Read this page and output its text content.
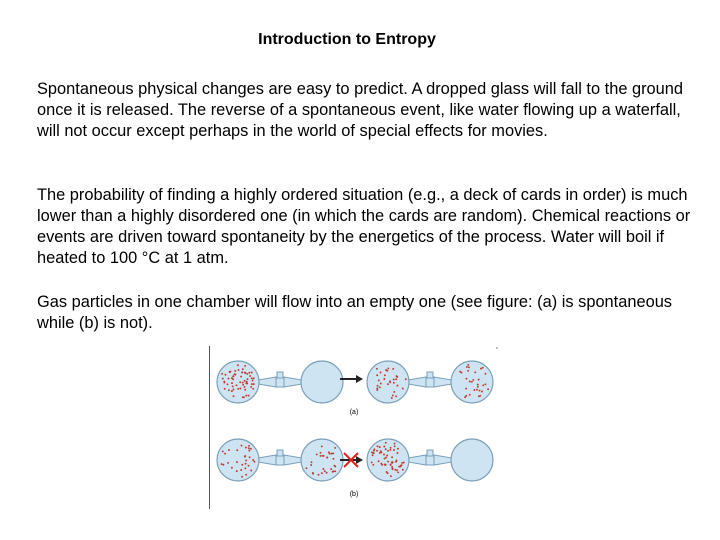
Introduction to Entropy

Spontaneous physical changes are easy to predict. A dropped glass will fall to the ground once it is released. The reverse of a spontaneous event, like water flowing up a waterfall, will not occur except perhaps in the world of special effects for movies.

The probability of finding a highly ordered situation (e.g., a deck of cards in order) is much lower than a highly disordered one (in which the cards are random). Chemical reactions or events are driven toward spontaneity by the energetics of the process. Water will boil if heated to 100 °C at 1 atm.

Gas particles in one chamber will flow into an empty one (see figure: (a) is spontaneous while (b) is not).

(a)
(b)
